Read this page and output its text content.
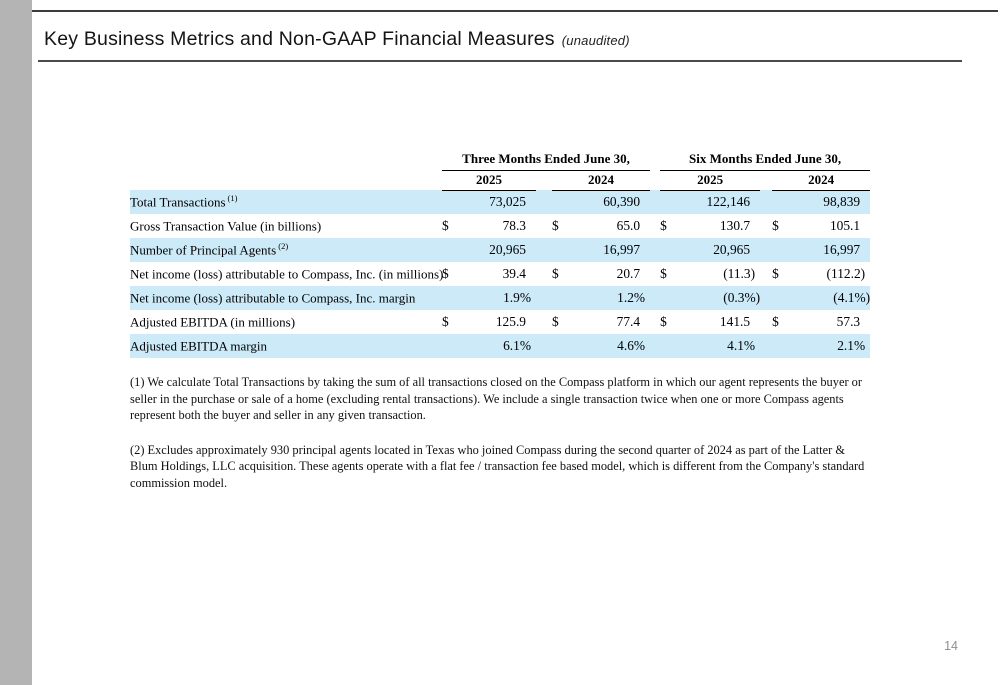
Key Business Metrics and Non-GAAP Financial Measures (unaudited)
	Three Months Ended June 30,						Six Months Ended June 30,				
	2025			2024			2025			2024	
Total Transactions $^{(1)}$		73,025			60,390			122,146			98,839
Gross Transaction Value (in billions)	$	78.3		$	65.0		$	130.7		$	105.1
Number of Principal Agents $^{(2)}$		20,965			16,997			20,965			16,997
Net income (loss) attributable to Compass, Inc. (in millions)	$	39.4		$	20.7		$	(11.3)		$	(112.2)
Net income (loss) attributable to Compass, Inc. margin		1.9%			1.2%			(0.3%)			(4.1%)
Adjusted EBITDA (in millions)	$	125.9		$	77.4		$	141.5		$	57.3
Adjusted EBITDA margin		6.1%			4.6%			4.1%			2.1%

(1) We calculate Total Transactions by taking the sum of all transactions closed on the Compass platform in which our agent represents the buyer or seller in the purchase or sale of a home (excluding rental transactions). We include a single transaction twice when one or more Compass agents represent both the buyer and seller in any given transaction.

(2) Excludes approximately 930 principal agents located in Texas who joined Compass during the second quarter of 2024 as part of the Latter & Blum Holdings, LLC acquisition. These agents operate with a flat fee / transaction fee based model, which is different from the Company's standard commission model.

14
